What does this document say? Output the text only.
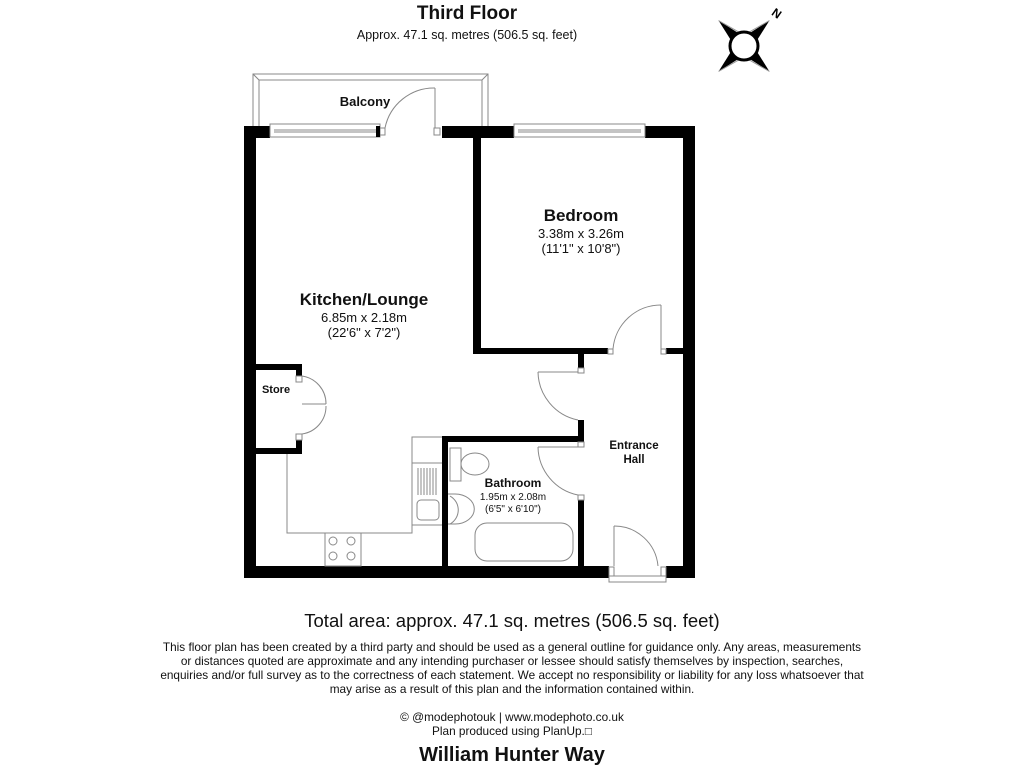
Third Floor
Approx. 47.1 sq. metres (506.5 sq. feet)
N
Balcony
Kitchen/Lounge
6.85m x 2.18m
(22'6" x 7'2")
Bedroom
3.38m x 3.26m
(11'1" x 10'8")
Store
Bathroom
1.95m x 2.08m
(6'5" x 6'10")
Entrance
Hall
Total area: approx. 47.1 sq. metres (506.5 sq. feet)
This floor plan has been created by a third party and should be used as a general outline for guidance only. Any areas, measurements or distances quoted are approximate and any intending purchaser or lessee should satisfy themselves by inspection, searches, enquiries and/or full survey as to the correctness of each statement. We accept no responsibility or liability for any loss whatsoever that may arise as a result of this plan and the information contained within.
© @modephotouk | www.modephoto.co.uk
Plan produced using PlanUp.□
William Hunter Way
